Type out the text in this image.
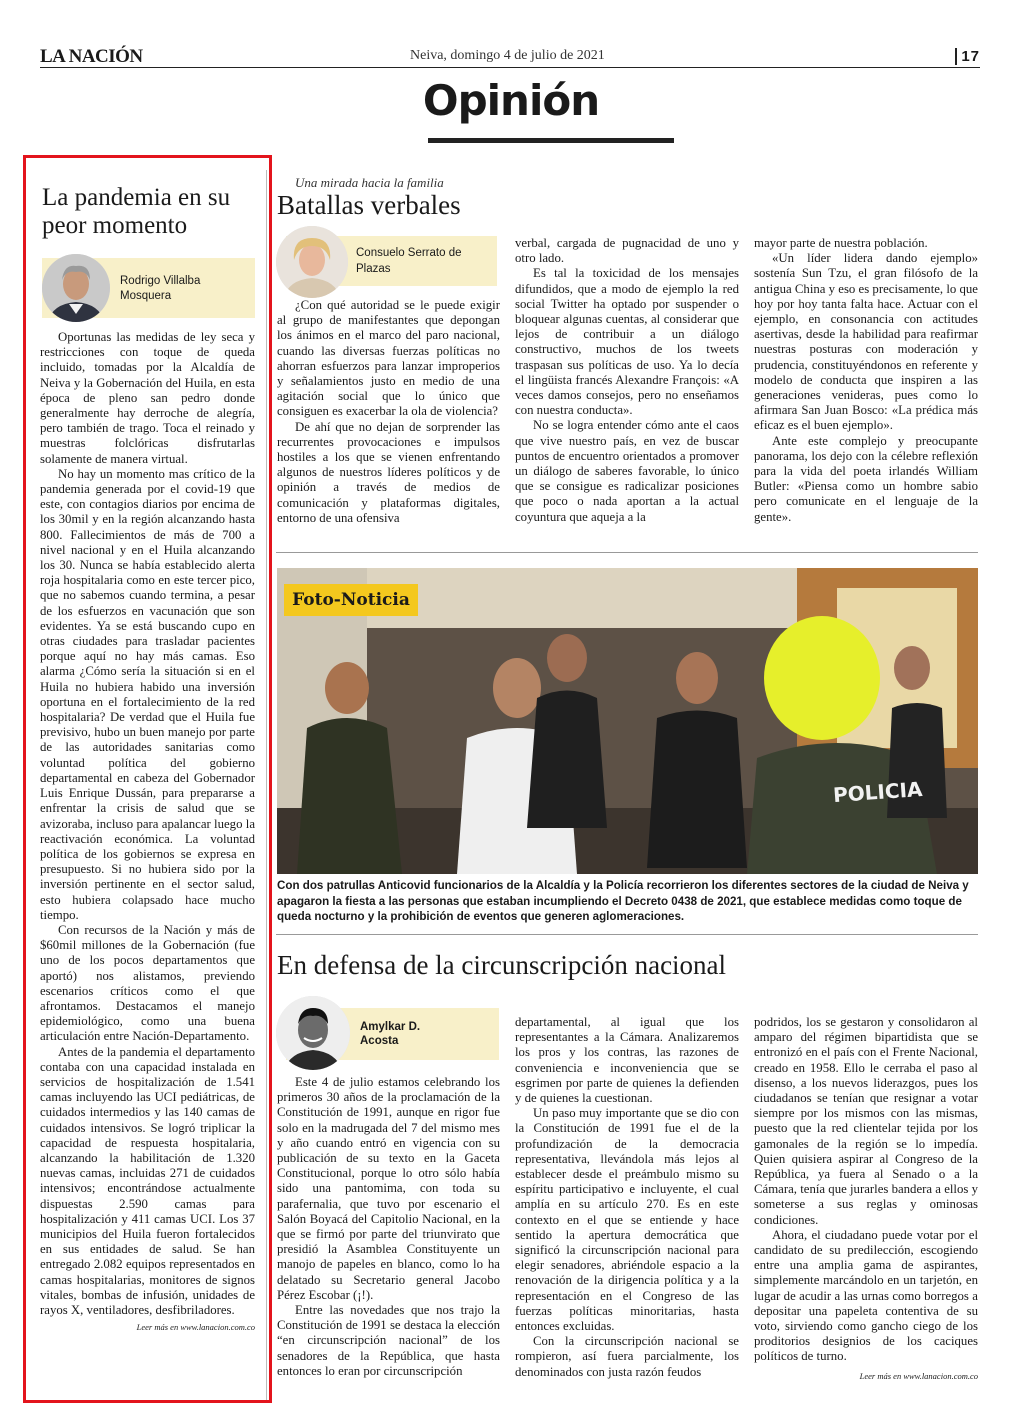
LA NACIÓN	Neiva, domingo 4 de julio de 2021	17
Opinión
La pandemia en su peor momento
Rodrigo Villalba Mosquera

Oportunas las medidas de ley seca y restricciones con toque de queda incluido, tomadas por la Alcaldía de Neiva y la Gobernación del Huila, en esta época de pleno san pedro donde generalmente hay derroche de alegría, pero también de trago. Toca el reinado y muestras folclóricas disfrutarlas solamente de manera virtual.

No hay un momento mas crítico de la pandemia generada por el covid-19 que este, con contagios diarios por encima de los 30mil y en la región alcanzando hasta 800. Fallecimientos de más de 700 a nivel nacional y en el Huila alcanzando los 30. Nunca se había establecido alerta roja hospitalaria como en este tercer pico, que no sabemos cuando termina, a pesar de los esfuerzos en vacunación que son evidentes. Ya se está buscando cupo en otras ciudades para trasladar pacientes porque aquí no hay más camas. Eso alarma ¿Cómo sería la situación si en el Huila no hubiera habido una inversión oportuna en el fortalecimiento de la red hospitalaria? De verdad que el Huila fue previsivo, hubo un buen manejo por parte de las autoridades sanitarias como voluntad política del gobierno departamental en cabeza del Gobernador Luis Enrique Dussán, para prepararse a enfrentar la crisis de salud que se avizoraba, incluso para apalancar luego la reactivación económica. La voluntad política de los gobiernos se expresa en presupuesto. Si no hubiera sido por la inversión pertinente en el sector salud, esto hubiera colapsado hace mucho tiempo.

Con recursos de la Nación y más de $60mil millones de la Gobernación (fue uno de los pocos departamentos que aportó) nos alistamos, previendo escenarios críticos como el que afrontamos. Destacamos el manejo epidemiológico, como una buena articulación entre Nación-Departamento.

Antes de la pandemia el departamento contaba con una capacidad instalada en servicios de hospitalización de 1.541 camas incluyendo las UCI pediátricas, de cuidados intermedios y las 140 camas de cuidados intensivos. Se logró triplicar la capacidad de respuesta hospitalaria, alcanzando la habilitación de 1.320 nuevas camas, incluidas 271 de cuidados intensivos; encontrándose actualmente dispuestas 2.590 camas para hospitalización y 411 camas UCI. Los 37 municipios del Huila fueron fortalecidos en sus entidades de salud. Se han entregado 2.082 equipos representados en camas hospitalarias, monitores de signos vitales, bombas de infusión, unidades de rayos X, ventiladores, desfibriladores.

Leer más en www.lanacion.com.co
Una mirada hacia la familia
Batallas verbales
Consuelo Serrato de Plazas

¿Con qué autoridad se le puede exigir al grupo de manifestantes que depongan los ánimos en el marco del paro nacional, cuando las diversas fuerzas políticas no ahorran esfuerzos para lanzar improperios y señalamientos justo en medio de una agitación social que lo único que consiguen es exacerbar la ola de violencia?

De ahí que no dejan de sorprender las recurrentes provocaciones e impulsos hostiles a los que se vienen enfrentando algunos de nuestros líderes políticos y de opinión a través de medios de comunicación y plataformas digitales, entorno de una ofensiva

verbal, cargada de pugnacidad de uno y otro lado.

Es tal la toxicidad de los mensajes difundidos, que a modo de ejemplo la red social Twitter ha optado por suspender o bloquear algunas cuentas, al considerar que lejos de contribuir a un diálogo constructivo, muchos de los tweets traspasan sus políticas de uso. Ya lo decía el lingüista francés Alexandre François: «A veces damos consejos, pero no enseñamos con nuestra conducta».

No se logra entender cómo ante el caos que vive nuestro país, en vez de buscar puntos de encuentro orientados a promover un diálogo de saberes favorable, lo único que se consigue es radicalizar posiciones que poco o nada aportan a la actual coyuntura que aqueja a la

mayor parte de nuestra población.

«Un líder lidera dando ejemplo» sostenía Sun Tzu, el gran filósofo de la antigua China y eso es precisamente, lo que hoy por hoy tanta falta hace. Actuar con el ejemplo, en consonancia con actitudes asertivas, desde la habilidad para reafirmar nuestras posturas con moderación y prudencia, constituyéndonos en referente y modelo de conducta que inspiren a las generaciones venideras, pues como lo afirmara San Juan Bosco: «La prédica más eficaz es el buen ejemplo».

Ante este complejo y preocupante panorama, los dejo con la célebre reflexión para la vida del poeta irlandés William Butler: «Piensa como un hombre sabio pero comunicate en el lenguaje de la gente».

POLICIA
Foto-Noticia
Con dos patrullas Anticovid funcionarios de la Alcaldía y la Policía recorrieron los diferentes sectores de la ciudad de Neiva y apagaron la fiesta a las personas que estaban incumpliendo el Decreto 0438 de 2021, que establece medidas como toque de queda nocturno y la prohibición de eventos que generen aglomeraciones.
En defensa de la circunscripción nacional
Amylkar D. Acosta

Este 4 de julio estamos celebrando los primeros 30 años de la proclamación de la Constitución de 1991, aunque en rigor fue solo en la madrugada del 7 del mismo mes y año cuando entró en vigencia con su publicación de su texto en la Gaceta Constitucional, porque lo otro sólo había sido una pantomima, con toda su parafernalia, que tuvo por escenario el Salón Boyacá del Capitolio Nacional, en la que se firmó por parte del triunvirato que presidió la Asamblea Constituyente un manojo de papeles en blanco, como lo ha delatado su Secretario general Jacobo Pérez Escobar (¡!).

Entre las novedades que nos trajo la Constitución de 1991 se destaca la elección “en circunscripción nacional” de los senadores de la República, que hasta entonces lo eran por circunscripción

departamental, al igual que los representantes a la Cámara. Analizaremos los pros y los contras, las razones de conveniencia e inconveniencia que se esgrimen por parte de quienes la defienden y de quienes la cuestionan.

Un paso muy importante que se dio con la Constitución de 1991 fue el de la profundización de la democracia representativa, llevándola más lejos al establecer desde el preámbulo mismo su espíritu participativo e incluyente, el cual amplía en su artículo 270. Es en este contexto en el que se entiende y hace sentido la apertura democrática que significó la circunscripción nacional para elegir senadores, abriéndole espacio a la renovación de la dirigencia política y a la representación en el Congreso de las fuerzas políticas minoritarias, hasta entonces excluidas.

Con la circunscripción nacional se rompieron, así fuera parcialmente, los denominados con justa razón feudos

podridos, los se gestaron y consolidaron al amparo del régimen bipartidista que se entronizó en el país con el Frente Nacional, creado en 1958. Ello le cerraba el paso al disenso, a los nuevos liderazgos, pues los ciudadanos se tenían que resignar a votar siempre por los mismos con las mismas, puesto que la red clientelar tejida por los gamonales de la región se lo impedía. Quien quisiera aspirar al Congreso de la República, ya fuera al Senado o a la Cámara, tenía que jurarles bandera a ellos y someterse a sus reglas y ominosas condiciones.

Ahora, el ciudadano puede votar por el candidato de su predilección, escogiendo entre una amplia gama de aspirantes, simplemente marcándolo en un tarjetón, en lugar de acudir a las urnas como borregos a depositar una papeleta contentiva de su voto, sirviendo como gancho ciego de los proditorios designios de los caciques políticos de turno.

Leer más en www.lanacion.com.co
